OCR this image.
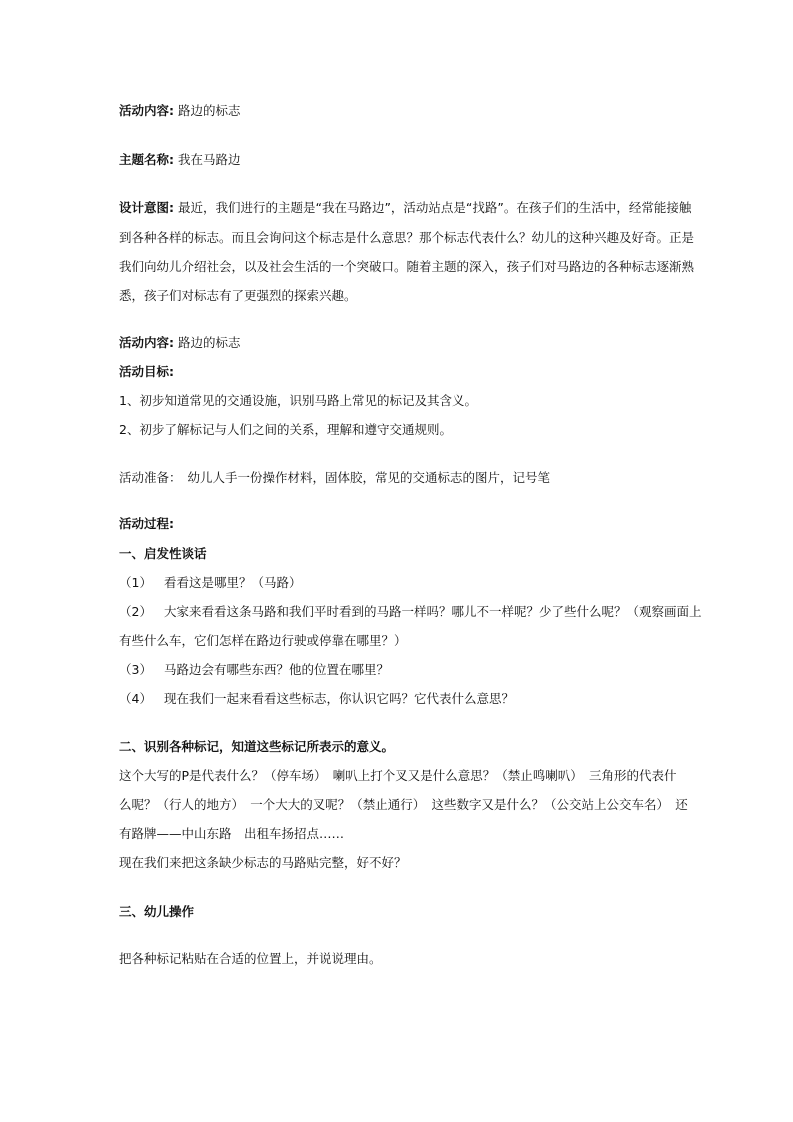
活动内容: 路边的标志
主题名称: 我在马路边
设计意图: 最近，我们进行的主题是“我在马路边”，活动站点是“找路”。在孩子们的生活中，经常能接触
到各种各样的标志。而且会询问这个标志是什么意思？那个标志代表什么？幼儿的这种兴趣及好奇。正是
我们向幼儿介绍社会，以及社会生活的一个突破口。随着主题的深入，孩子们对马路边的各种标志逐渐熟
悉，孩子们对标志有了更强烈的探索兴趣。
活动内容: 路边的标志
活动目标:
1、初步知道常见的交通设施，识别马路上常见的标记及其含义。
2、初步了解标记与人们之间的关系，理解和遵守交通规则。
活动准备： 幼儿人手一份操作材料，固体胶，常见的交通标志的图片，记号笔
活动过程:
一、启发性谈话
（1） 看看这是哪里？（马路）
（2） 大家来看看这条马路和我们平时看到的马路一样吗？哪儿不一样呢？少了些什么呢？（观察画面上
有些什么车，它们怎样在路边行驶或停靠在哪里？）
（3） 马路边会有哪些东西？他的位置在哪里？
（4） 现在我们一起来看看这些标志，你认识它吗？它代表什么意思？
二、识别各种标记，知道这些标记所表示的意义。
这个大写的P是代表什么？（停车场）　喇叭上打个叉又是什么意思？（禁止鸣喇叭）　三角形的代表什
么呢？（行人的地方）　一个大大的叉呢？（禁止通行）　这些数字又是什么？（公交站上公交车名）　还
有路牌——中山东路　出租车扬招点……
现在我们来把这条缺少标志的马路贴完整，好不好？
三、幼儿操作
把各种标记粘贴在合适的位置上，并说说理由。
